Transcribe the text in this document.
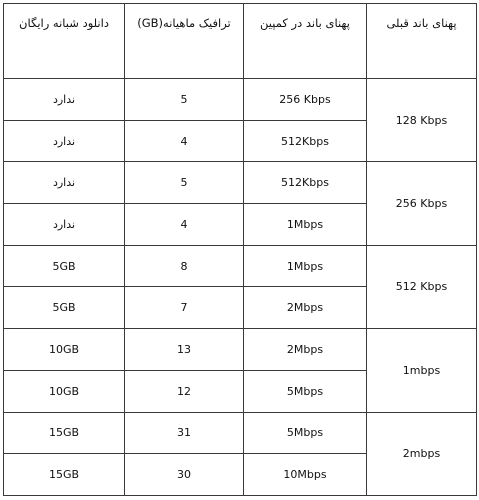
پهنای باند قبلی	پهنای باند در کمپین	ترافیک ماهیانه(GB)	دانلود شبانه رایگان
128 Kbps	256 Kbps	5	ندارد
	512Kbps	4	ندارد
256 Kbps	512Kbps	5	ندارد
	1Mbps	4	ندارد
512 Kbps	1Mbps	8	5GB
	2Mbps	7	5GB
1mbps	2Mbps	13	10GB
	5Mbps	12	10GB
2mbps	5Mbps	31	15GB
	10Mbps	30	15GB
